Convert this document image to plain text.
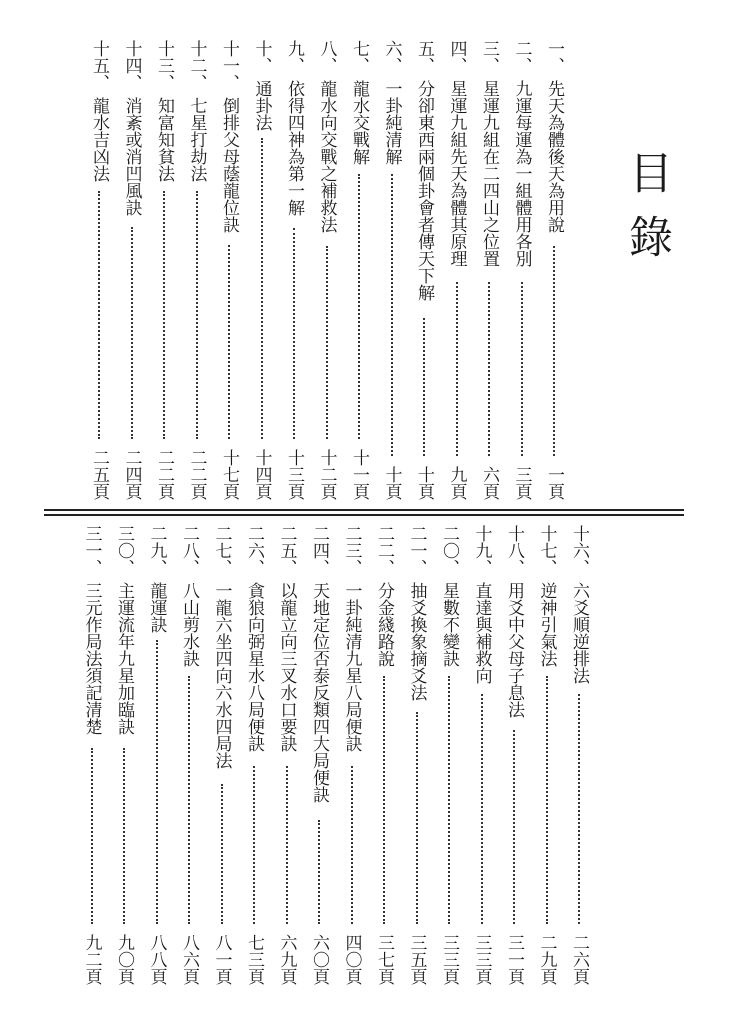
目錄
一、
先天為體後天為用說
一頁
二、
九運每運為一組體用各別
三頁
三、
星運九組在二四山之位置
六頁
四、
星運九組先天為體其原理
九頁
五、
分卻東西兩個卦會者傳天下解
十頁
六、
一卦純清解
十頁
七、
龍水交戰解
十一頁
八、
龍水向交戰之補救法
十二頁
九、
依得四神為第一解
十三頁
十、
通卦法
十四頁
十一、
倒排父母蔭龍位訣
十七頁
十二、
七星打劫法
二二頁
十三、
知富知貧法
二二頁
十四、
消紊或消凹風訣
二四頁
十五、
龍水吉凶法
二五頁
十六、
六爻順逆排法
二六頁
十七、
逆神引氣法
二九頁
十八、
用爻中父母子息法
三一頁
十九、
直達與補救向
三三頁
二〇、
星數不變訣
三三頁
二一、
抽爻換象摘爻法
三五頁
二二、
分金綫路說
三七頁
二三、
一卦純清九星八局便訣
四〇頁
二四、
天地定位否泰反類四大局便訣
六〇頁
二五、
以龍立向三叉水口要訣
六九頁
二六、
貪狼向弼星水八局便訣
七三頁
二七、
一龍六坐四向六水四局法
八一頁
二八、
八山剪水訣
八六頁
二九、
龍運訣
八八頁
三〇、
主運流年九星加臨訣
九〇頁
三一、
三元作局法須記清楚
九二頁
